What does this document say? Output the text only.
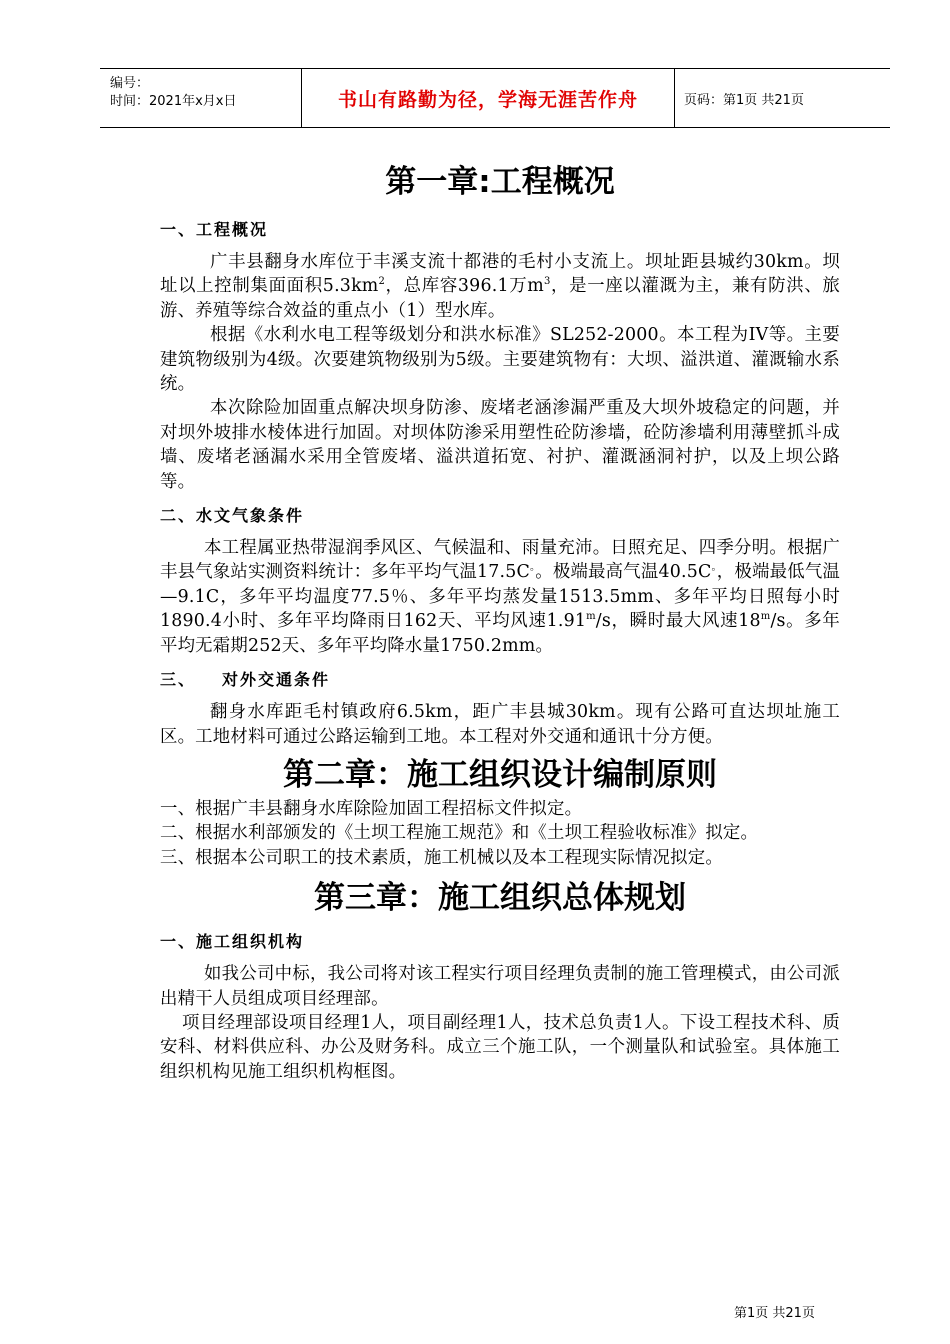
编号：
时间：2021年x月x日	书山有路勤为径，学海无涯苦作舟	页码：第1页 共21页
第一章:工程概况
一、工程概况

广丰县翻身水库位于丰溪支流十都港的毛村小支流上。坝址距县城约30km。坝址以上控制集面面积$5.3km^2$，总库容396.1万$m^3$，是一座以灌溉为主，兼有防洪、旅游、养殖等综合效益的重点小（1）型水库。

根据《水利水电工程等级划分和洪水标准》SL252-2000。本工程为IV等。主要建筑物级别为4级。次要建筑物级别为5级。主要建筑物有：大坝、溢洪道、灌溉输水系统。

本次除险加固重点解决坝身防渗、废堵老涵渗漏严重及大坝外坡稳定的问题，并对坝外坡排水棱体进行加固。对坝体防渗采用塑性砼防渗墙，砼防渗墙利用薄壁抓斗成墙、废堵老涵漏水采用全管废堵、溢洪道拓宽、衬护、灌溉涵洞衬护，以及上坝公路等。

二、水文气象条件

本工程属亚热带湿润季风区、气候温和、雨量充沛。日照充足、四季分明。根据广丰县气象站实测资料统计：多年平均气温17.5C。。极端最高气温40.5C。，极端最低气温—9.1C，多年平均温度77.5％、多年平均蒸发量1513.5mm、多年平均日照每小时1890.4小时、多年平均降雨日162天、平均风速1.91$^m$/s，瞬时最大风速18$^m$/s。多年平均无霜期252天、多年平均降水量1750.2mm。

三、 对外交通条件

翻身水库距毛村镇政府6.5km，距广丰县城30km。现有公路可直达坝址施工区。工地材料可通过公路运输到工地。本工程对外交通和通讯十分方便。

第二章：施工组织设计编制原则

一、根据广丰县翻身水库除险加固工程招标文件拟定。

二、根据水利部颁发的《土坝工程施工规范》和《土坝工程验收标准》拟定。

三、根据本公司职工的技术素质，施工机械以及本工程现实际情况拟定。

第三章：施工组织总体规划
一、施工组织机构

如我公司中标，我公司将对该工程实行项目经理负责制的施工管理模式，由公司派出精干人员组成项目经理部。

项目经理部设项目经理1人，项目副经理1人，技术总负责1人。下设工程技术科、质安科、材料供应科、办公及财务科。成立三个施工队，一个测量队和试验室。具体施工组织机构见施工组织机构框图。

第1页 共21页
